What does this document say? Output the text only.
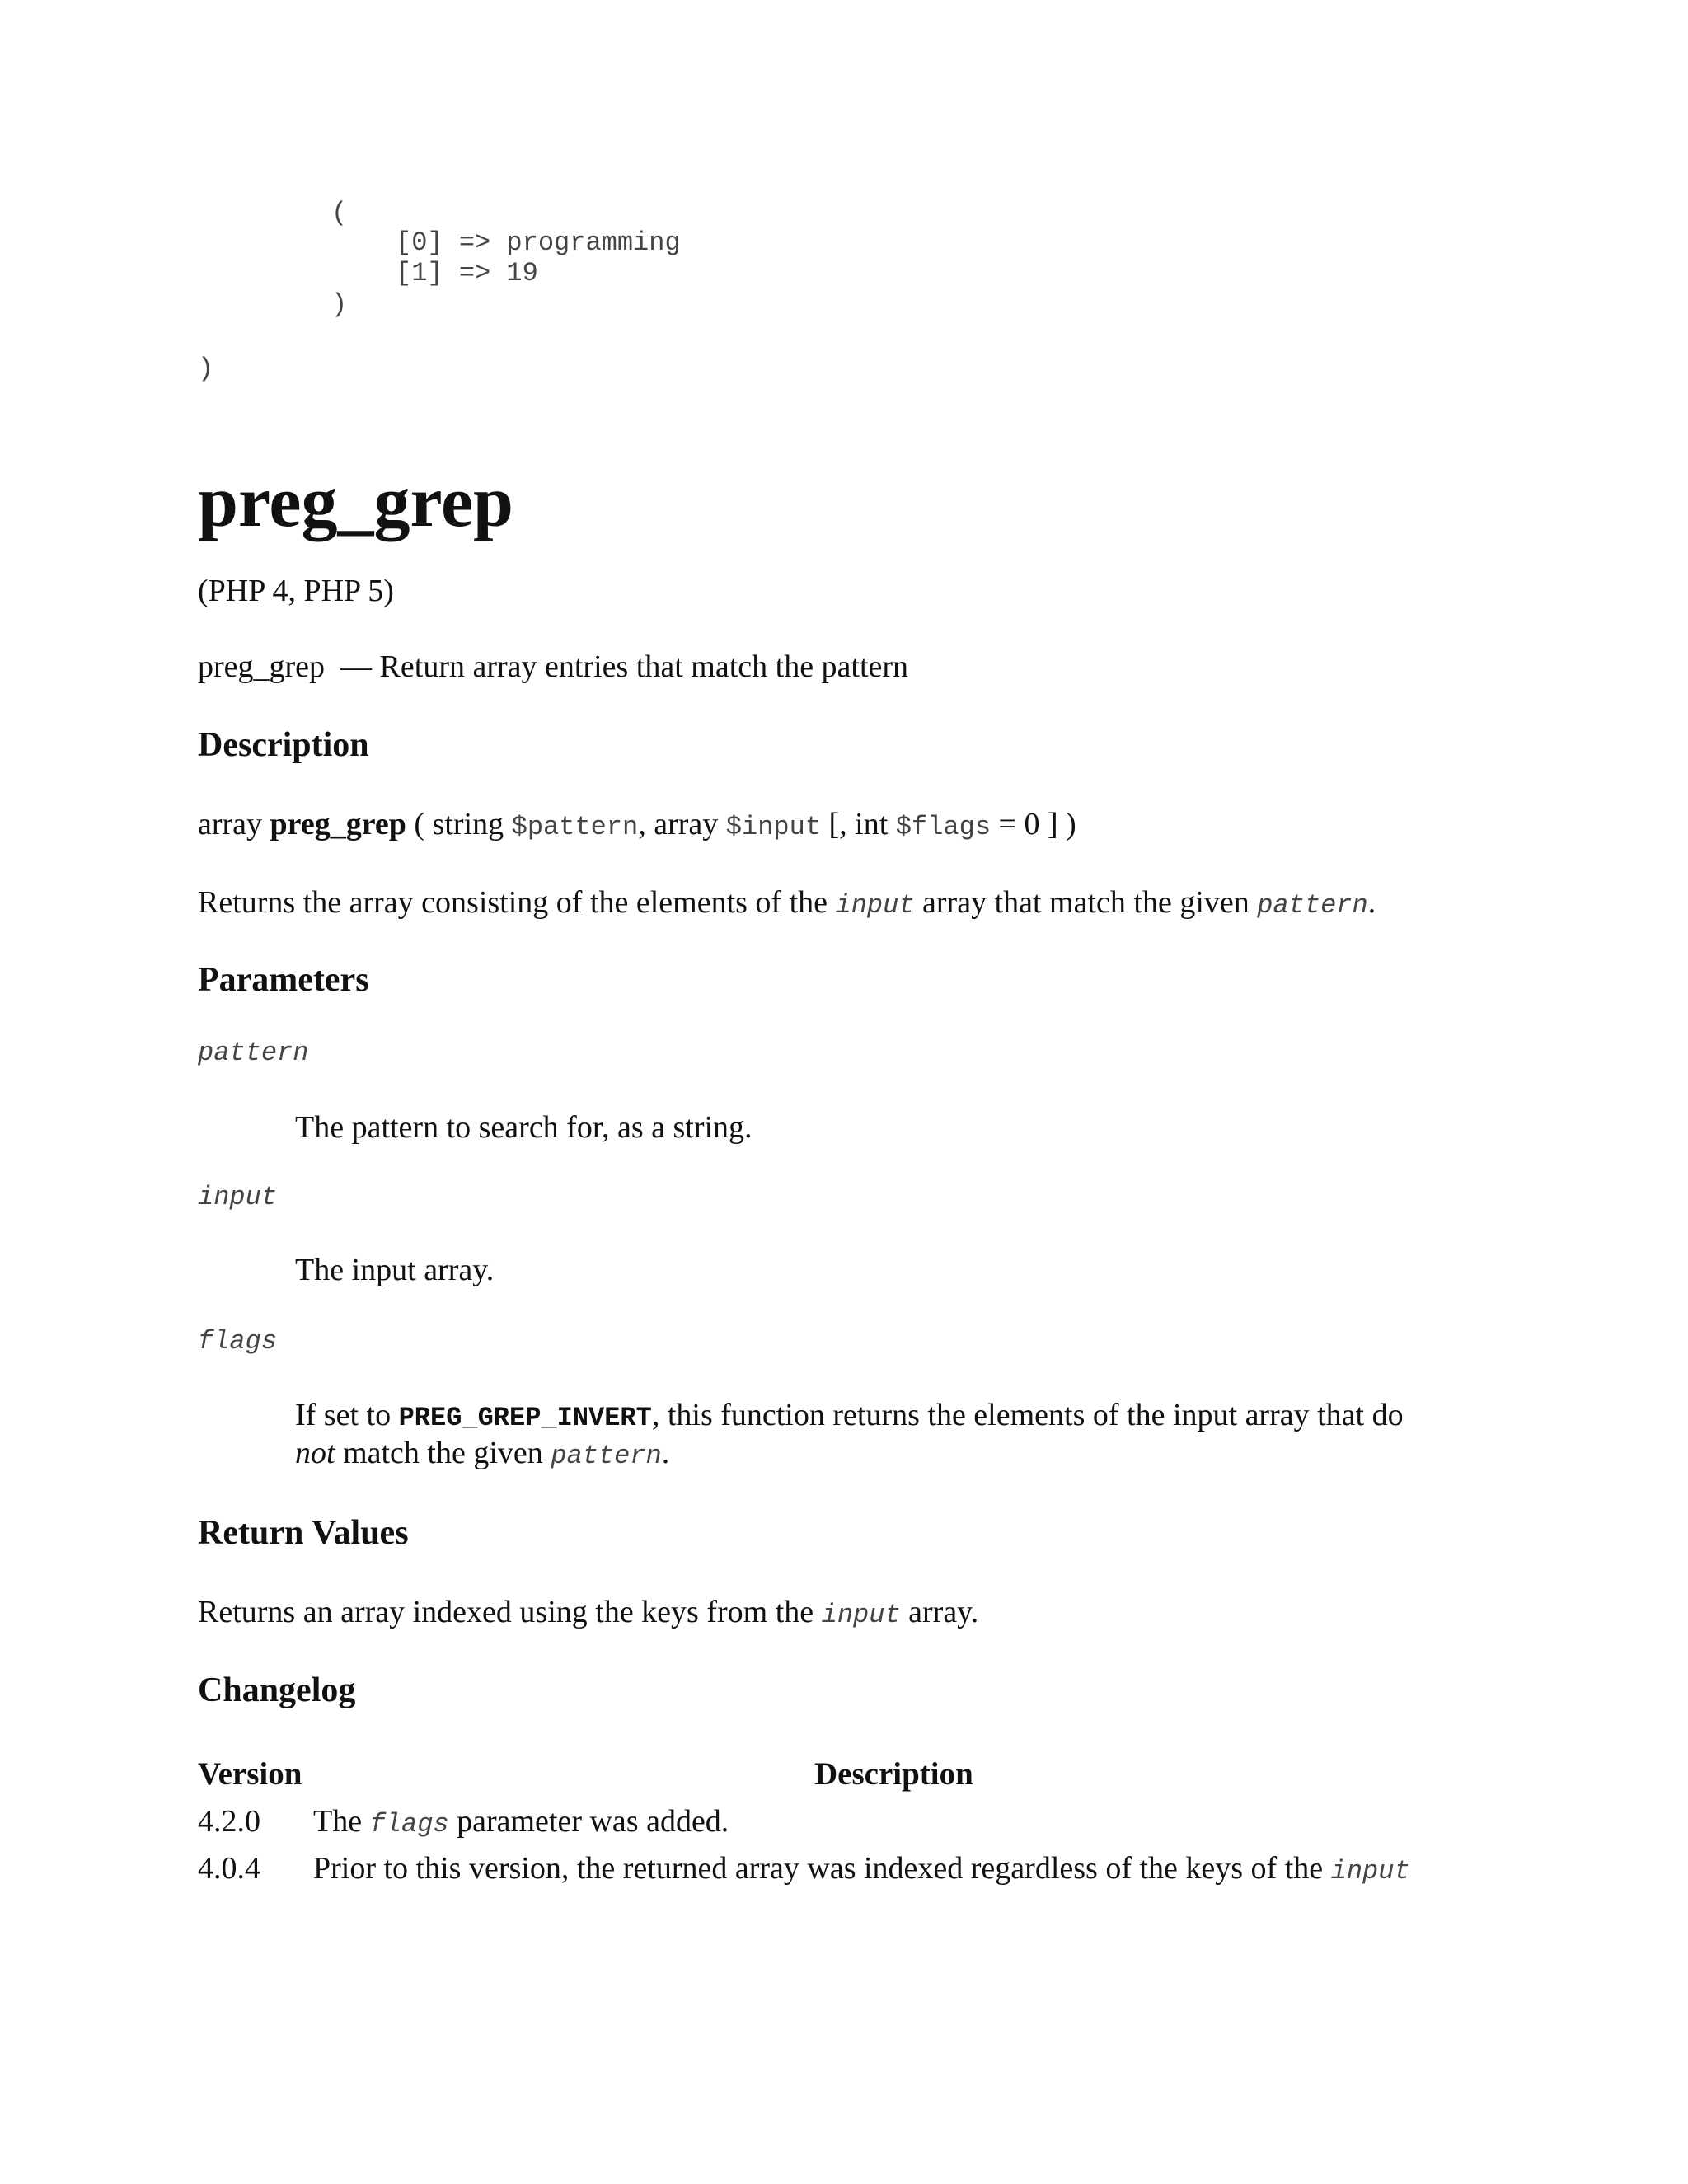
(
[0] => programming
[1] => 19
)
)
preg_grep
(PHP 4, PHP 5)
preg_grep — Return array entries that match the pattern
Description
array preg_grep ( string $pattern, array $input [, int $flags = 0 ] )
Returns the array consisting of the elements of the input array that match the given pattern.
Parameters
pattern
The pattern to search for, as a string.
input
The input array.
flags
If set to PREG_GREP_INVERT, this function returns the elements of the input array that do
not match the given pattern.
Return Values
Returns an array indexed using the keys from the input array.
Changelog
Version	Description
4.2.0 The flags parameter was added.
4.0.4 Prior to this version, the returned array was indexed regardless of the keys of the input
